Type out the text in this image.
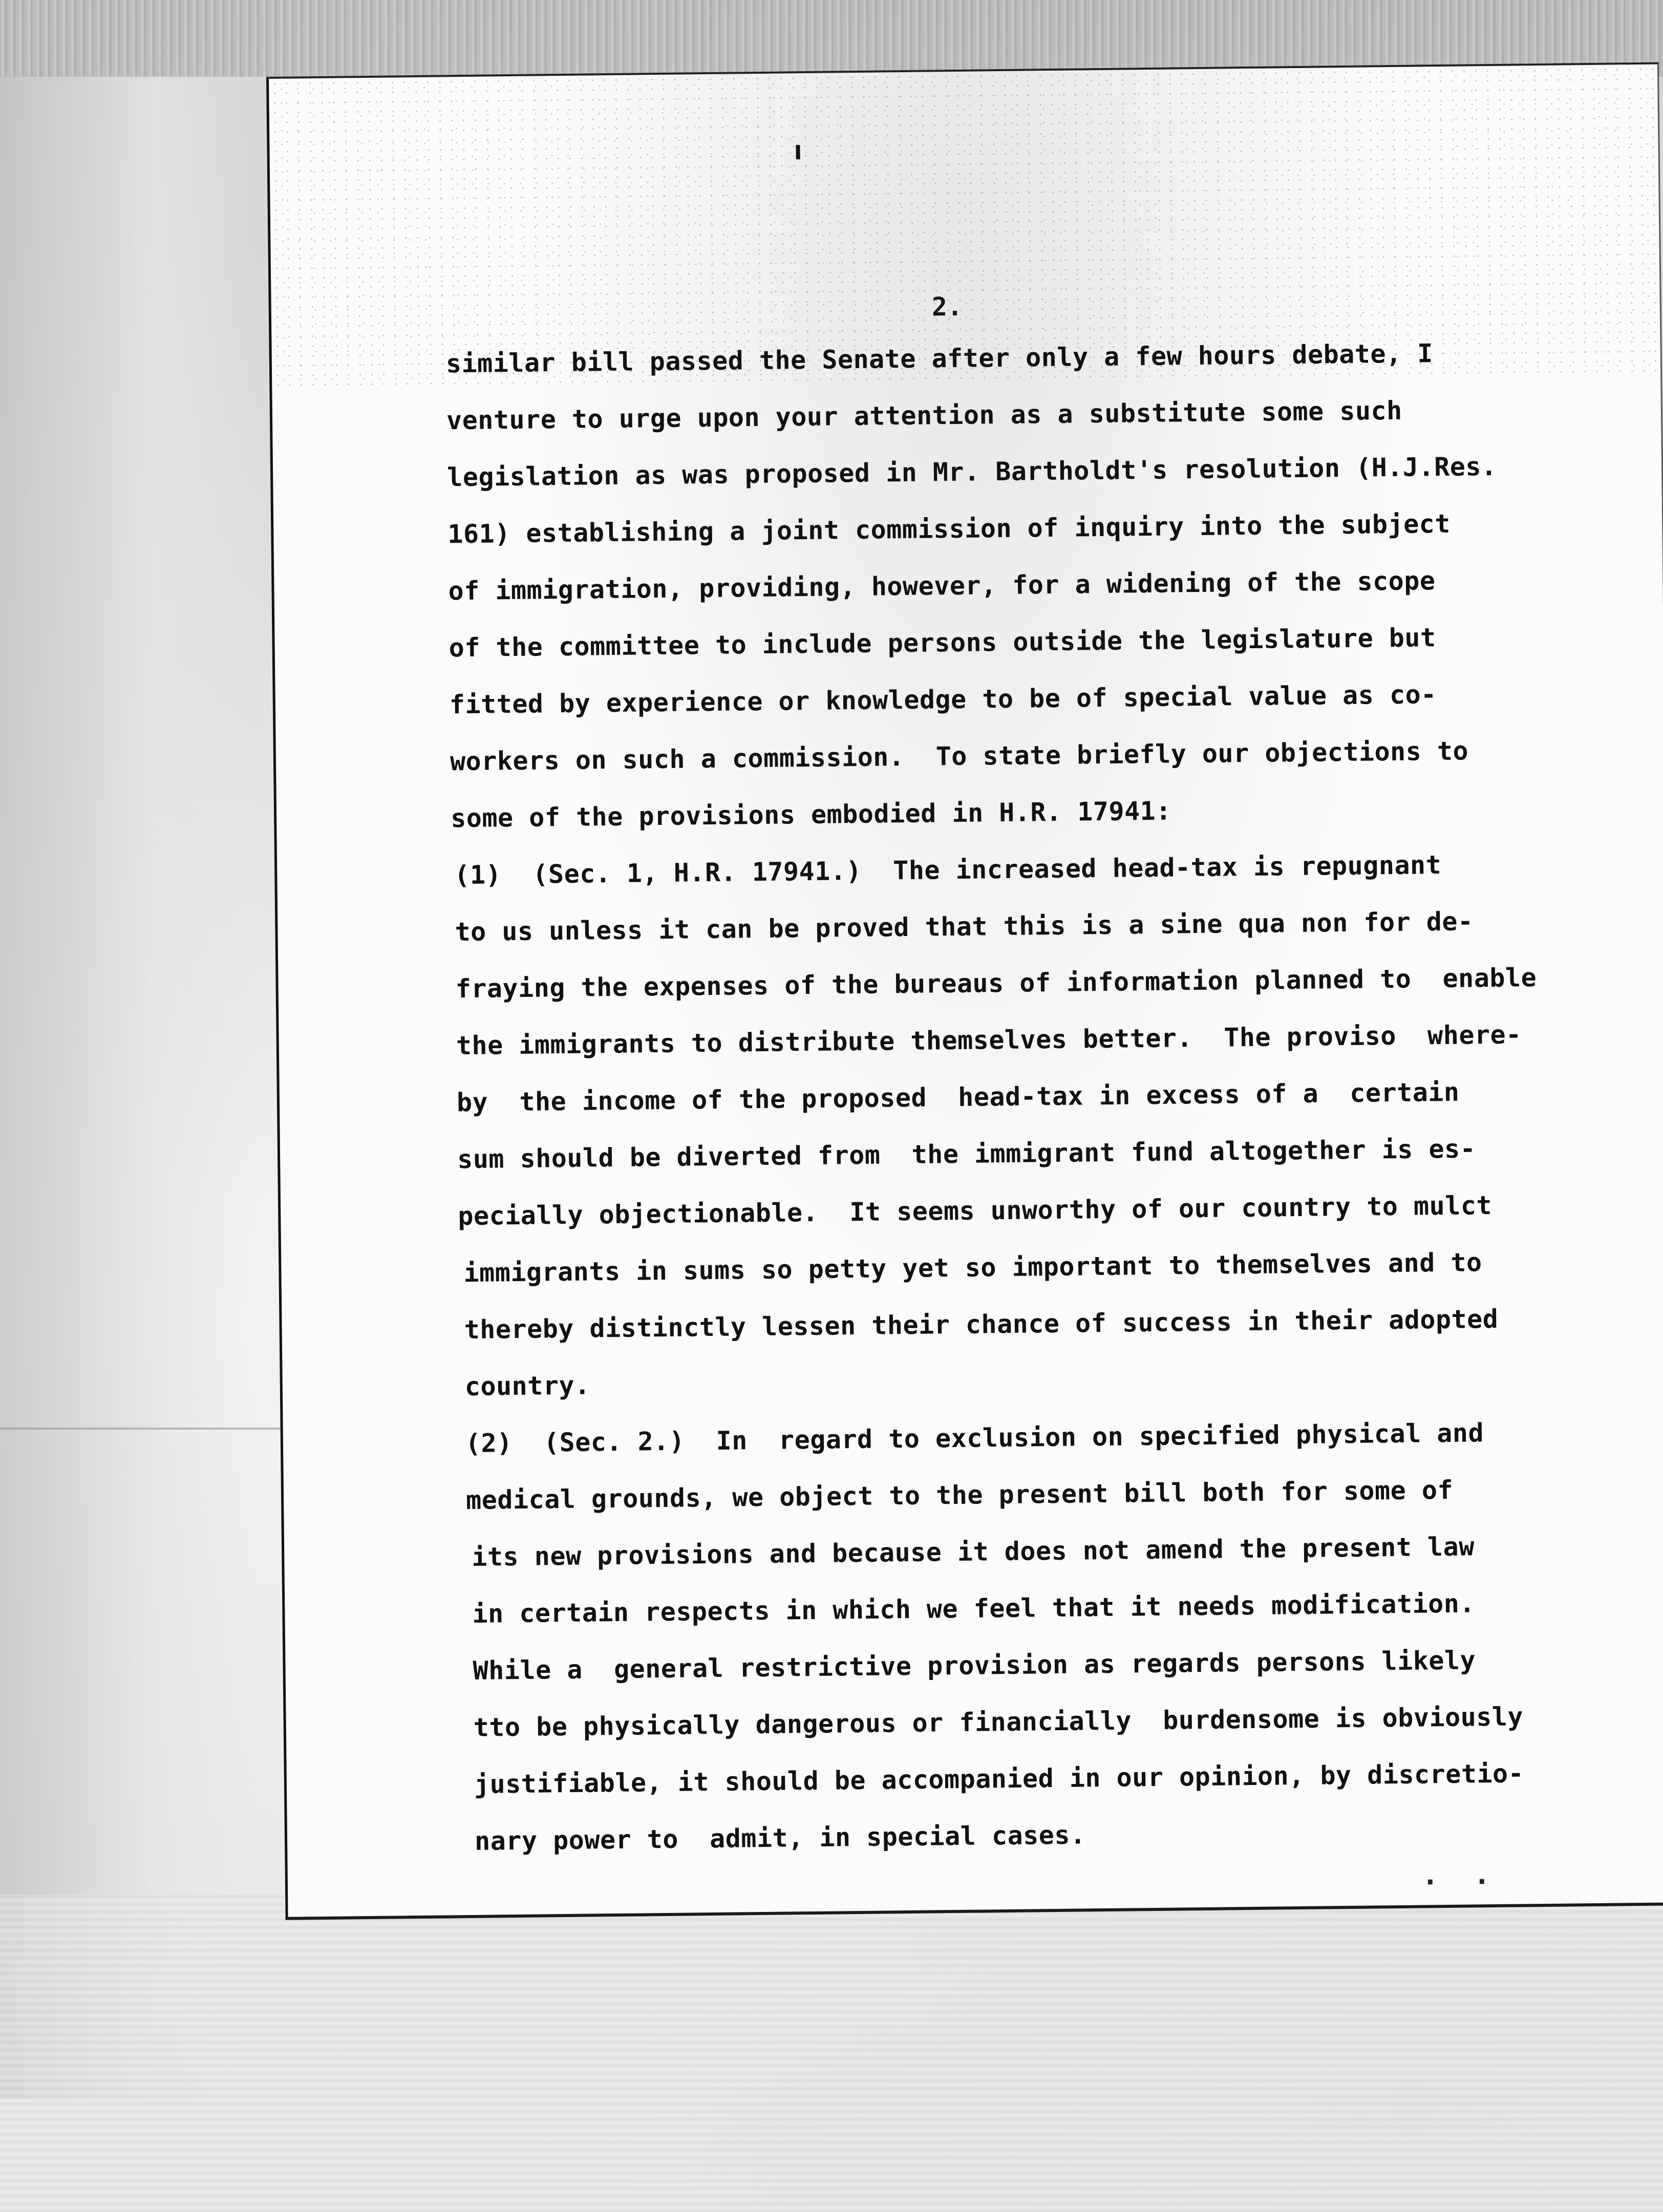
2.
similar bill passed the Senate after only a few hours debate, I
venture to urge upon your attention as a substitute some such
legislation as was proposed in Mr. Bartholdt's resolution (H.J.Res.
161) establishing a joint commission of inquiry into the subject
of immigration, providing, however, for a widening of the scope
of the committee to include persons outside the legislature but
fitted by experience or knowledge to be of special value as co-
workers on such a commission.  To state briefly our objections to
some of the provisions embodied in H.R. 17941:
(1)  (Sec. 1, H.R. 17941.)  The increased head-tax is repugnant
to us unless it can be proved that this is a sine qua non for de-
fraying the expenses of the bureaus of information planned to  enable
the immigrants to distribute themselves better.  The proviso  where-
by  the income of the proposed  head-tax in excess of a  certain
sum should be diverted from  the immigrant fund altogether is es-
pecially objectionable.  It seems unworthy of our country to mulct
immigrants in sums so petty yet so important to themselves and to
thereby distinctly lessen their chance of success in their adopted
country.
(2)  (Sec. 2.)  In  regard to exclusion on specified physical and
medical grounds, we object to the present bill both for some of
its new provisions and because it does not amend the present law
in certain respects in which we feel that it needs modification.
While a  general restrictive provision as regards persons likely
tto be physically dangerous or financially  burdensome is obviously
justifiable, it should be accompanied in our opinion, by discretio-
nary power to  admit, in special cases.
. .
